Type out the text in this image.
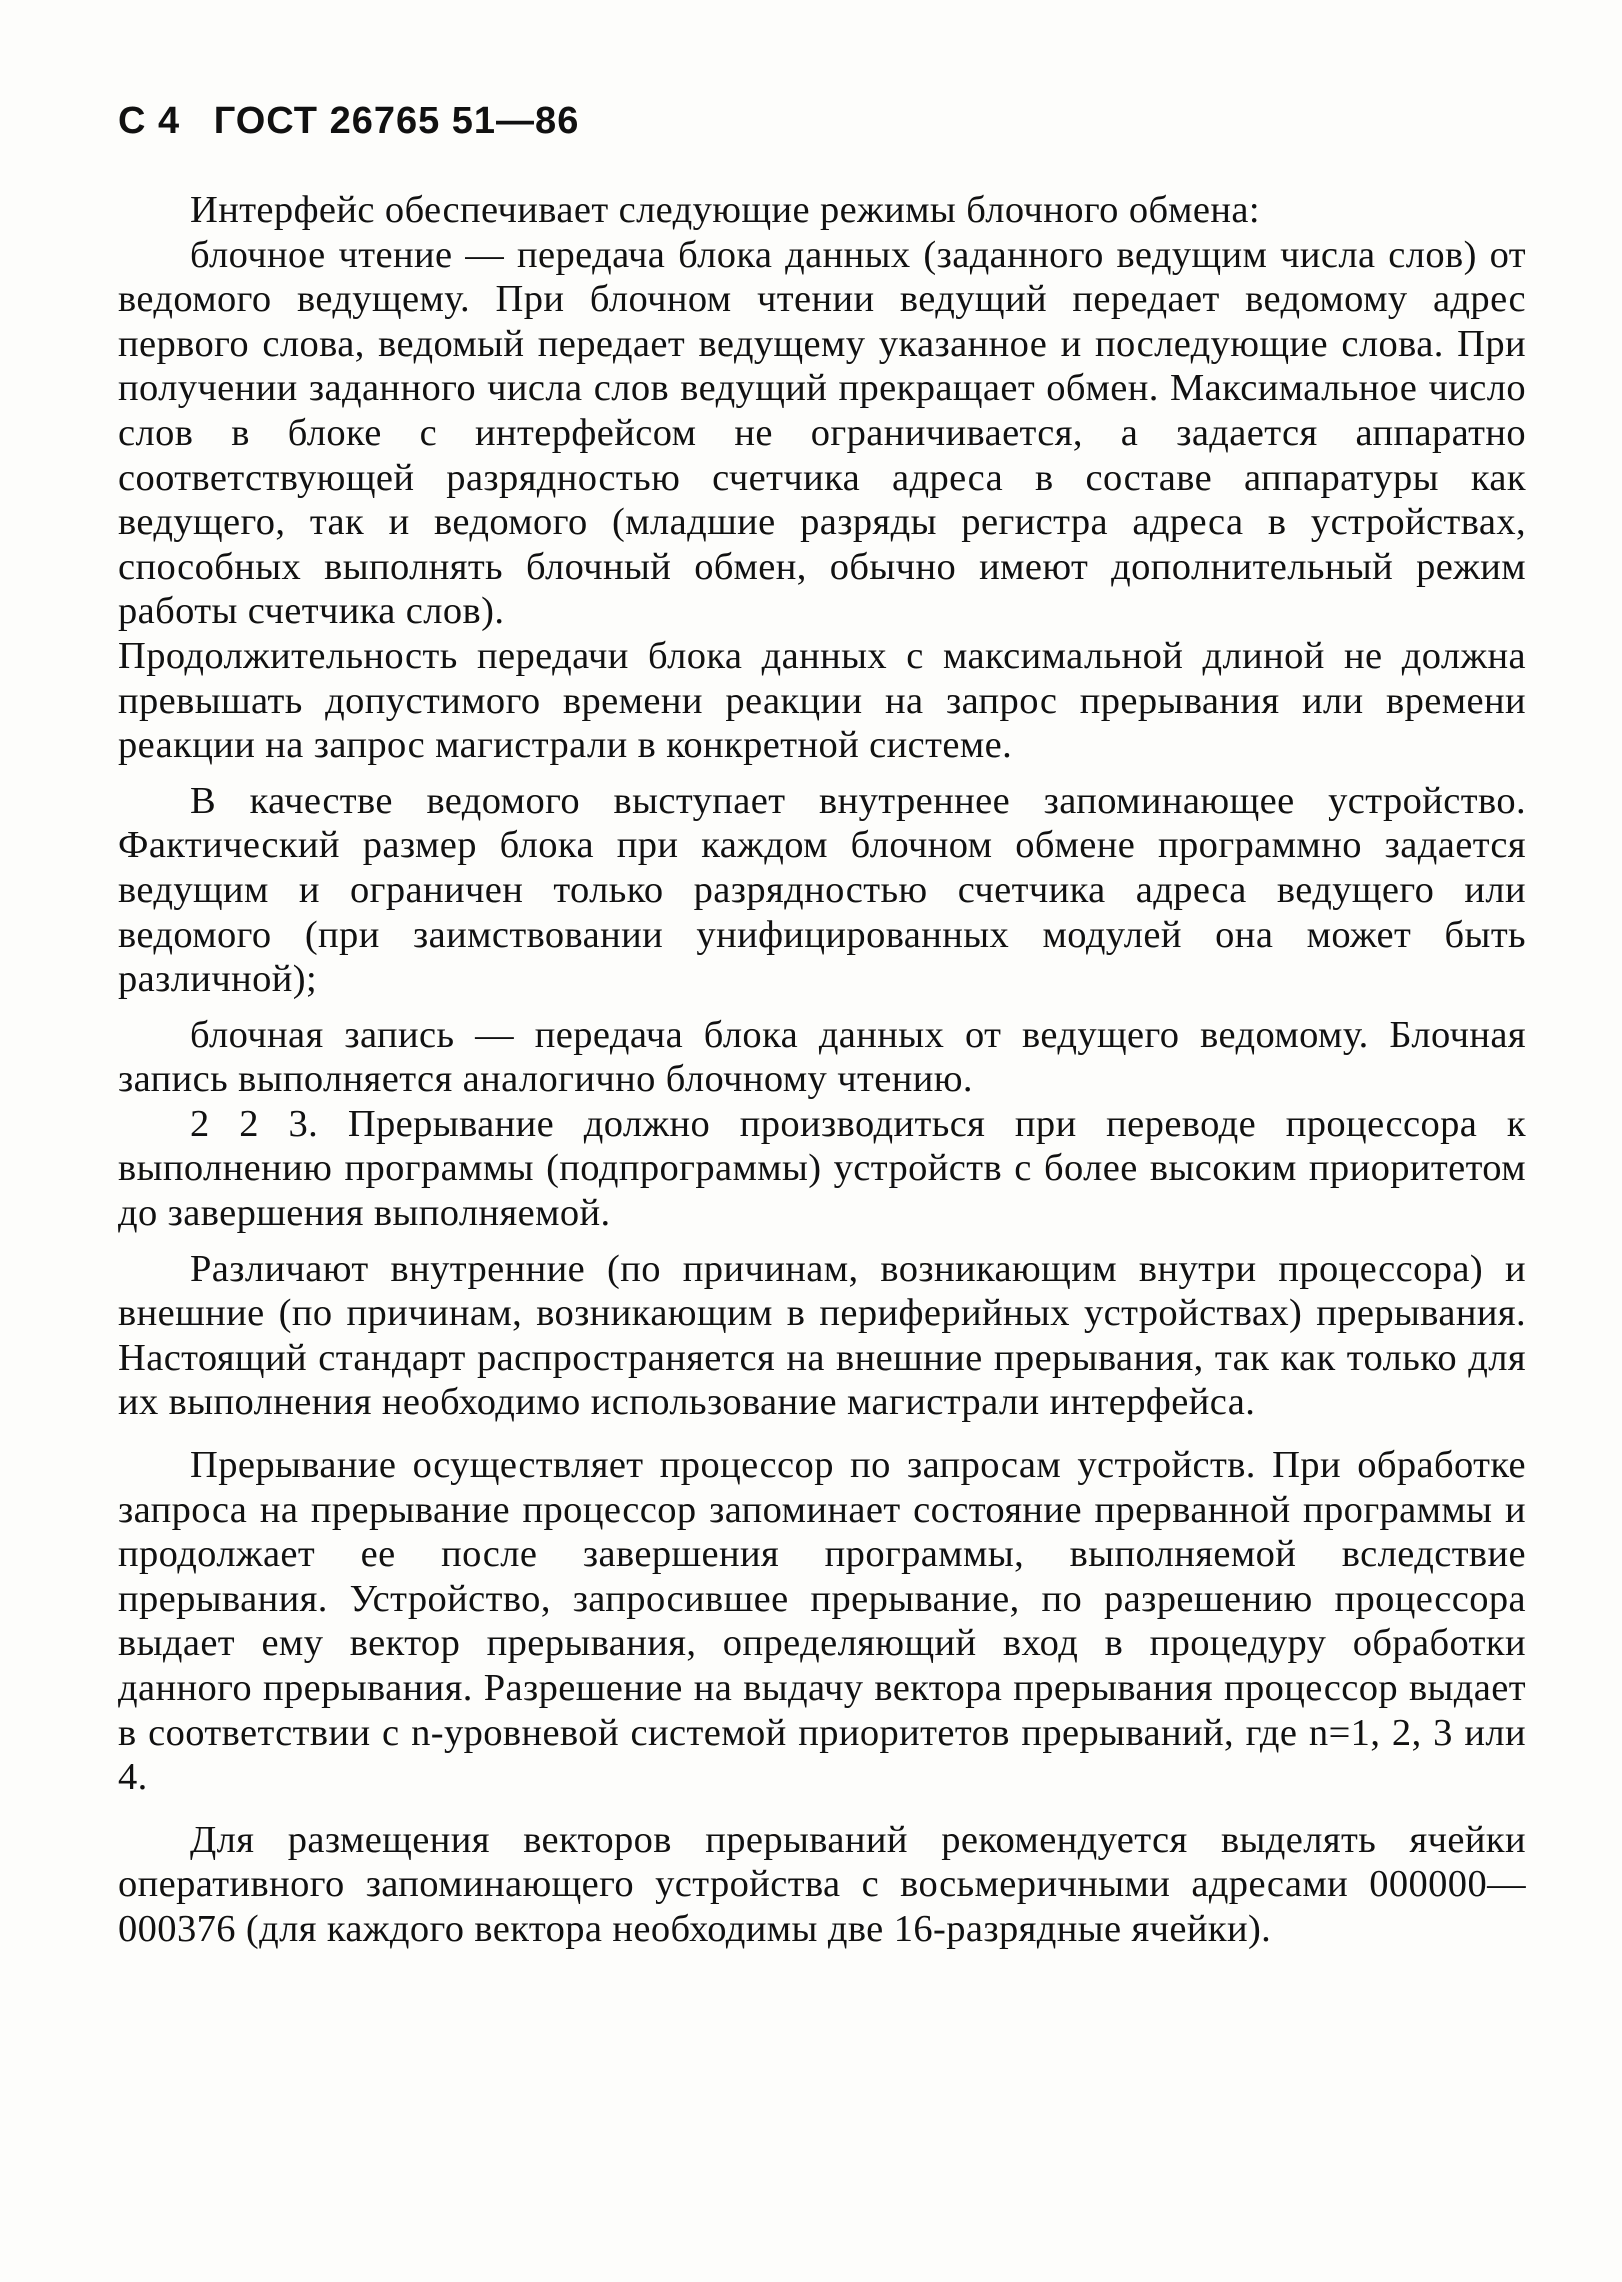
С 4 ГОСТ 26765 51—86

Интерфейс обеспечивает следующие режимы блочного обмена:

блочное чтение — передача блока данных (заданного ведущим числа слов) от ведомого ведущему. При блочном чтении ведущий передает ведомому адрес первого слова, ведомый передает ведущему указанное и последующие слова. При получении заданного числа слов ведущий прекращает обмен. Максимальное число слов в блоке с интерфейсом не ограничивается, а задается аппаратно соответствующей разрядностью счетчика адреса в составе аппаратуры как ведущего, так и ведомого (младшие разряды регистра адреса в устройствах, способных выполнять блочный обмен, обычно имеют дополнительный режим работы счетчика слов).

Продолжительность передачи блока данных с максимальной длиной не должна превышать допустимого времени реакции на запрос прерывания или времени реакции на запрос магистрали в конкретной системе.

В качестве ведомого выступает внутреннее запоминающее устройство. Фактический размер блока при каждом блочном обмене программно задается ведущим и ограничен только разрядностью счетчика адреса ведущего или ведомого (при заимствовании унифицированных модулей она может быть различной);

блочная запись — передача блока данных от ведущего ведомому. Блочная запись выполняется аналогично блочному чтению.

2 2 3. Прерывание должно производиться при переводе процессора к выполнению программы (подпрограммы) устройств с более высоким приоритетом до завершения выполняемой.

Различают внутренние (по причинам, возникающим внутри процессора) и внешние (по причинам, возникающим в периферийных устройствах) прерывания. Настоящий стандарт распространяется на внешние прерывания, так как только для их выполнения необходимо использование магистрали интерфейса.

Прерывание осуществляет процессор по запросам устройств. При обработке запроса на прерывание процессор запоминает состояние прерванной программы и продолжает ее после завершения программы, выполняемой вследствие прерывания. Устройство, запросившее прерывание, по разрешению процессора выдает ему вектор прерывания, определяющий вход в процедуру обработки данного прерывания. Разрешение на выдачу вектора прерывания процессор выдает в соответствии с n-уровневой системой приоритетов прерываний, где n=1, 2, 3 или 4.

Для размещения векторов прерываний рекомендуется выделять ячейки оперативного запоминающего устройства с восьмеричными адресами 000000—000376 (для каждого вектора необходимы две 16-разрядные ячейки).
